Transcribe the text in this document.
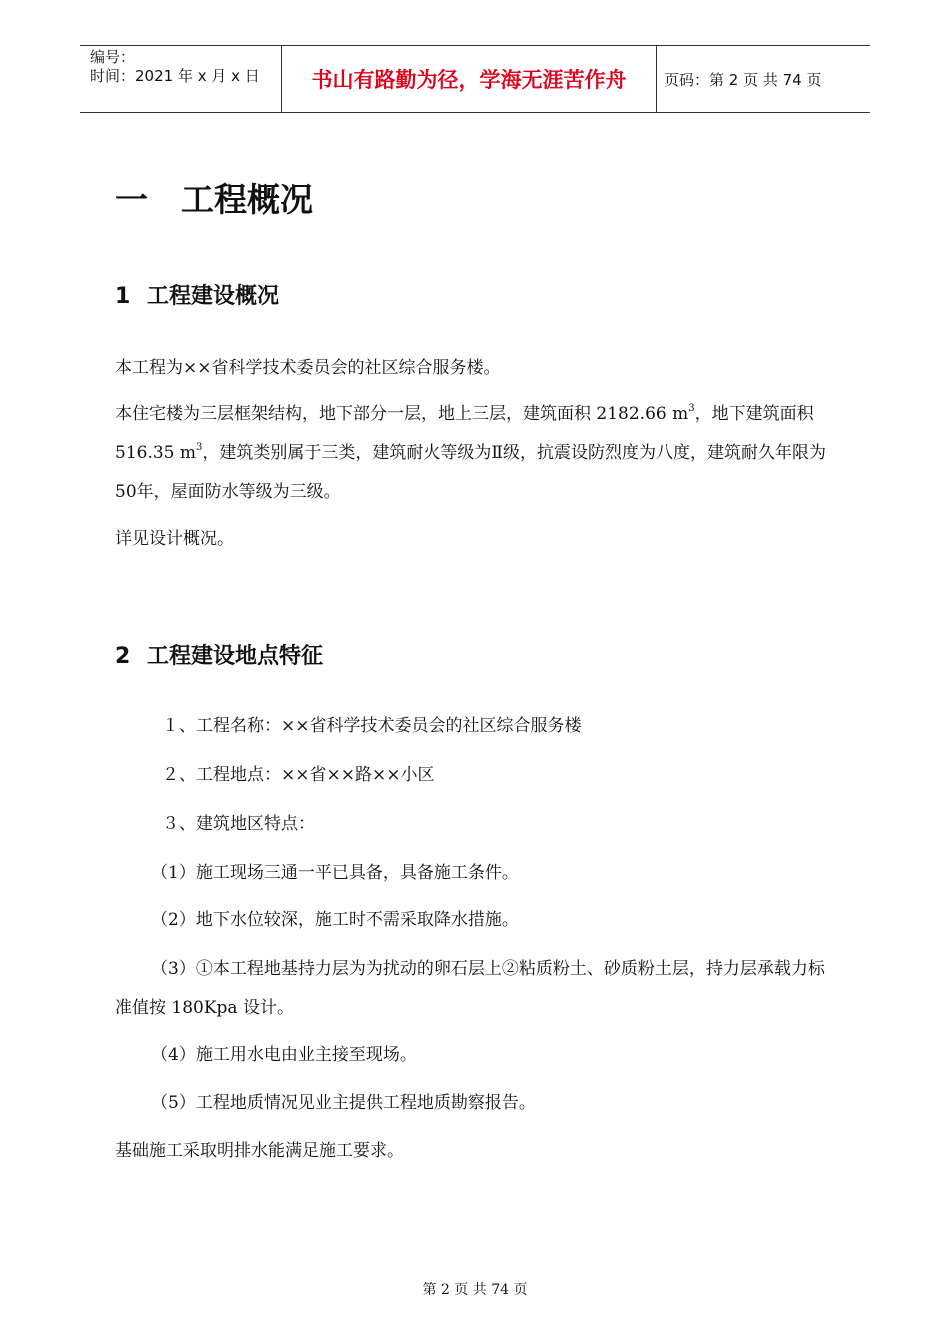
编号：
时间：2021 年 x 月 x 日	书山有路勤为径，学海无涯苦作舟	页码：第 2 页 共 74 页
一 工程概况
1 工程建设概况
本工程为××省科学技术委员会的社区综合服务楼。
本住宅楼为三层框架结构，地下部分一层，地上三层，建筑面积 2182.66 $m^3$，地下建筑面积 516.35 $m^3$，建筑类别属于三类，建筑耐火等级为Ⅱ级，抗震设防烈度为八度，建筑耐久年限为50年，屋面防水等级为三级。
详见设计概况。
2 工程建设地点特征
１、工程名称：××省科学技术委员会的社区综合服务楼
２、工程地点：××省××路××小区
３、建筑地区特点：
（1）施工现场三通一平已具备，具备施工条件。
（2）地下水位较深，施工时不需采取降水措施。
（3）①本工程地基持力层为为扰动的卵石层上②粘质粉土、砂质粉土层，持力层承载力标准值按 180Kpa 设计。
（4）施工用水电由业主接至现场。
（5）工程地质情况见业主提供工程地质勘察报告。
基础施工采取明排水能满足施工要求。
第 2 页 共 74 页
